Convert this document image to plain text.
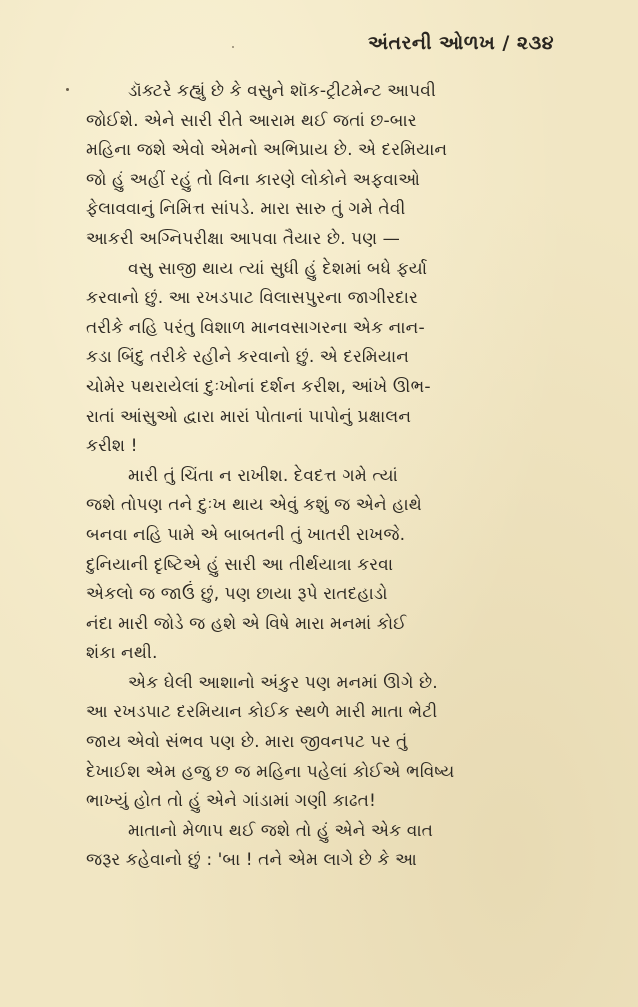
અંતરની ઓળખ / ૨૩૪

ડૉક્ટરે કહ્યું છે કે વસુને શૉક-ટ્રીટમેન્ટ આપવી
જોઈશે. એને સારી રીતે આરામ થઈ જતાં છ-બાર
મહિના જશે એવો એમનો અભિપ્રાય છે. એ દરમિયાન
જો હું અહીં રહું તો વિના કારણે લોકોને અફવાઓ
ફેલાવવાનું નિમિત્ત સાંપડે. મારા સારુ તું ગમે તેવી
આકરી અગ્નિપરીક્ષા આપવા તૈયાર છે. પણ —

વસુ સાજી થાય ત્યાં સુધી હું દેશમાં બધે ફર્યા
કરવાનો છું. આ રખડપાટ વિલાસપુરના જાગીરદાર
તરીકે નહિ પરંતુ વિશાળ માનવસાગરના એક નાન-
કડા બિંદુ તરીકે રહીને કરવાનો છું. એ દરમિયાન
ચોમેર પથરાયેલાં દુઃખોનાં દર્શન કરીશ, આંખે ઊભ-
રાતાં આંસુઓ દ્વારા મારાં પોતાનાં પાપોનું પ્રક્ષાલન
કરીશ !

મારી તું ચિંતા ન રાખીશ. દેવદત્ત ગમે ત્યાં
જશે તોપણ તને દુઃખ થાય એવું કશું જ એને હાથે
બનવા નહિ પામે એ બાબતની તું ખાતરી રાખજે.
દુનિયાની દૃષ્ટિએ હું સારી આ તીર્થયાત્રા કરવા
એકલો જ જાઉં છું, પણ છાયા રૂપે રાતદહાડો
નંદા મારી જોડે જ હશે એ વિષે મારા મનમાં કોઈ
શંકા નથી.

એક ઘેલી આશાનો અંકુર પણ મનમાં ઊગે છે.
આ રખડપાટ દરમિયાન કોઈક સ્થળે મારી માતા ભેટી
જાય એવો સંભવ પણ છે. મારા જીવનપટ પર તું
દેખાઈશ એમ હજુ છ જ મહિના પહેલાં કોઈએ ભવિષ્ય
ભાખ્યું હોત તો હું એને ગાંડામાં ગણી કાઢત!

માતાનો મેળાપ થઈ જશે તો હું એને એક વાત
જરૂર કહેવાનો છું : 'બા ! તને એમ લાગે છે કે આ
